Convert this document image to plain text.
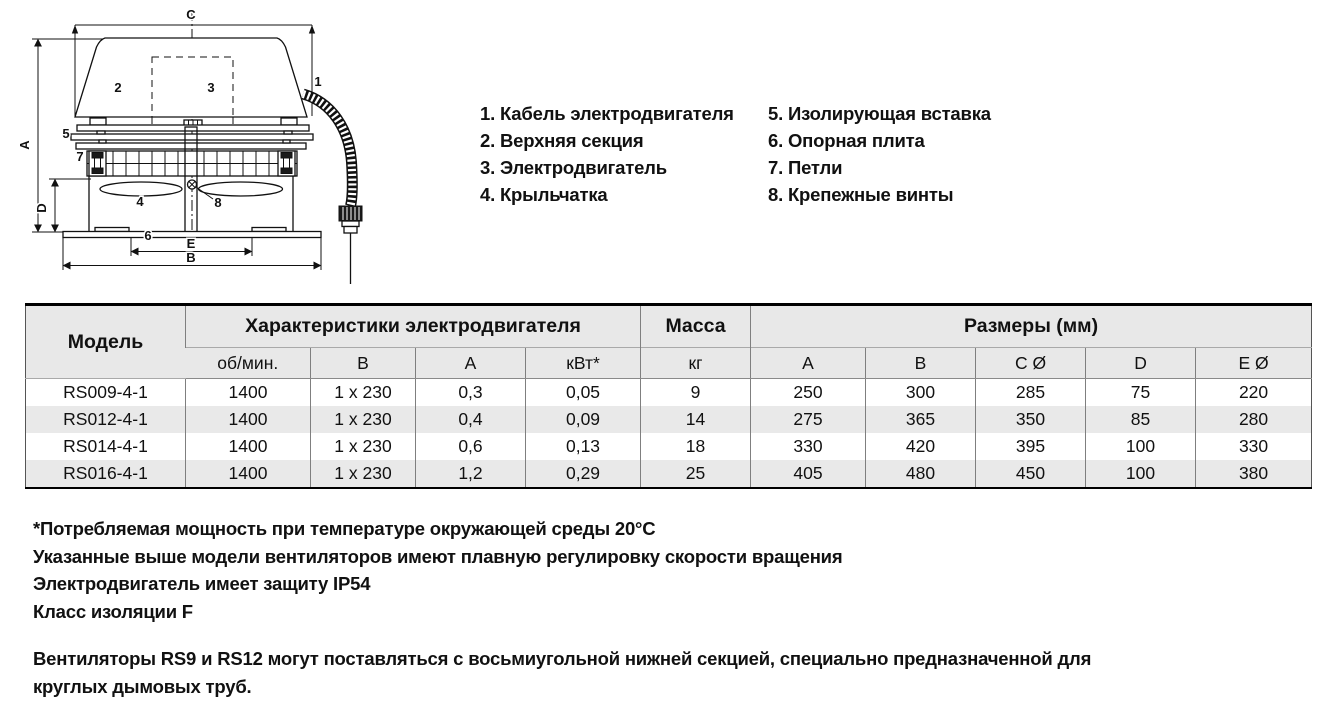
C
A
D
2	3	1
5
7
4	8
6
E
B
1. Кабель электродвигателя
2. Верхняя секция
3. Электродвигатель
4. Крыльчатка
5. Изолирующая вставка
6. Опорная плита
7. Петли
8. Крепежные винты
Модель	Характеристики электродвигателя				Масса	Размеры (мм)				
	об/мин.	В	А	кВт*	кг	A	B	C Ø	D	E Ø
RS009-4-1	1400	1 x 230	0,3	0,05	9	250	300	285	75	220
RS012-4-1	1400	1 x 230	0,4	0,09	14	275	365	350	85	280
RS014-4-1	1400	1 x 230	0,6	0,13	18	330	420	395	100	330
RS016-4-1	1400	1 x 230	1,2	0,29	25	405	480	450	100	380
*Потребляемая мощность при температуре окружающей среды 20°С
Указанные выше модели вентиляторов имеют плавную регулировку скорости вращения
Электродвигатель имеет защиту IP54
Класс изоляции F
Вентиляторы RS9 и RS12 могут поставляться с восьмиугольной нижней секцией, специально предназначенной для круглых дымовых труб.
